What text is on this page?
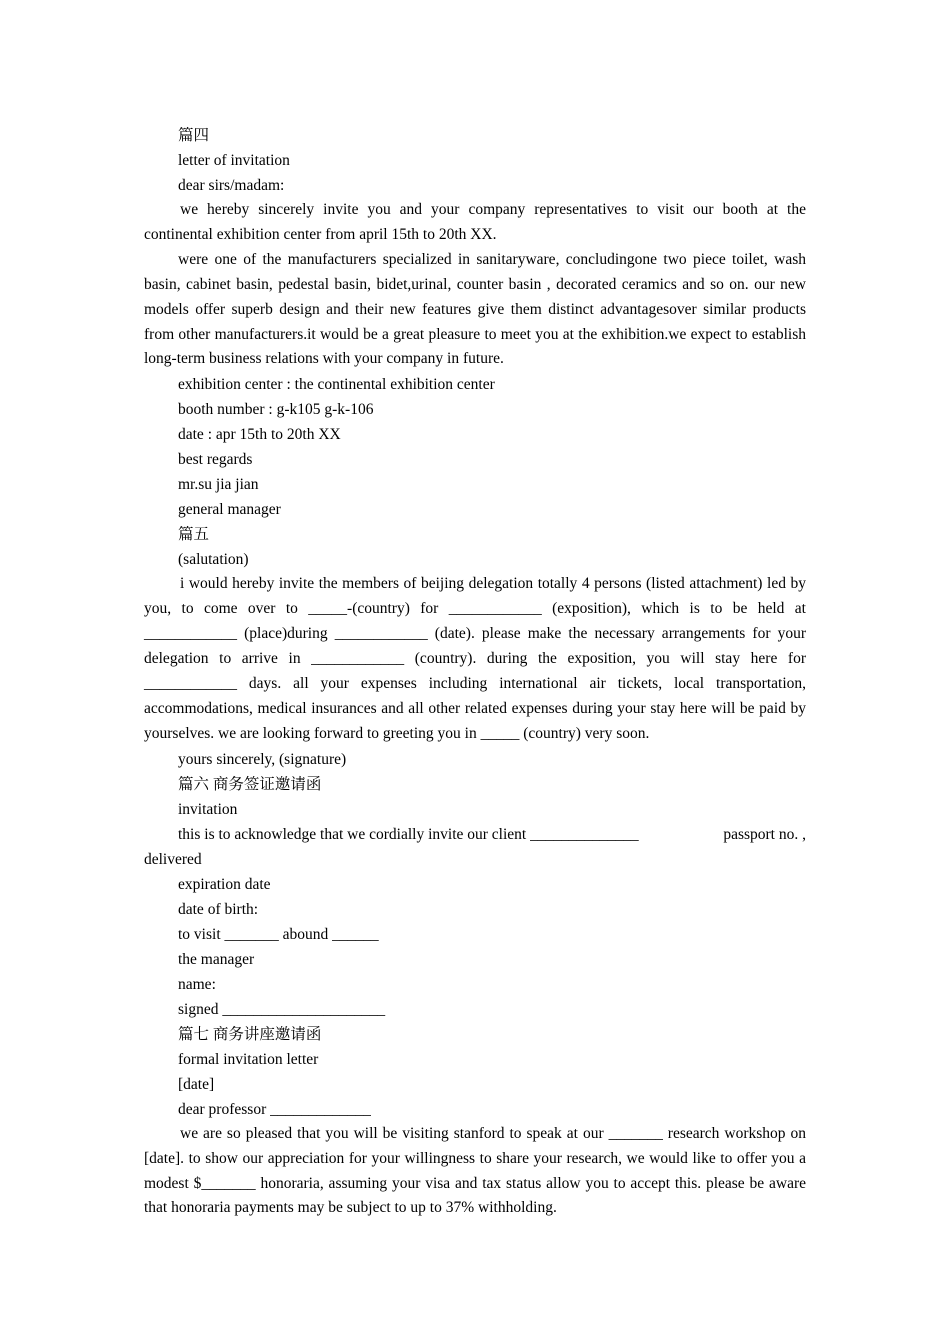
篇四
letter of invitation
dear sirs/madam:

we hereby sincerely invite you and your company representatives to visit our booth at the continental exhibition center from april 15th to 20th XX.

were one of the manufacturers specialized in sanitaryware, concludingone two piece toilet, wash basin, cabinet basin, pedestal basin, bidet,urinal, counter basin , decorated ceramics and so on. our new models offer superb design and their new features give them distinct advantagesover similar products from other manufacturers.it would be a great pleasure to meet you at the exhibition.we expect to establish long-term business relations with your company in future.

exhibition center : the continental exhibition center
booth number : g-k105 g-k-106
date : apr 15th to 20th XX
best regards
mr.su jia jian
general manager
篇五
(salutation)

i would hereby invite the members of beijing delegation totally 4 persons (listed attachment) led by you, to come over to _____-(country) for ____________ (exposition), which is to be held at ____________ (place)during ____________ (date). please make the necessary arrangements for your delegation to arrive in ____________ (country). during the exposition, you will stay here for ____________ days. all your expenses including international air tickets, local transportation, accommodations, medical insurances and all other related expenses during your stay here will be paid by yourselves. we are looking forward to greeting you in _____ (country) very soon.

yours sincerely, (signature)
篇六 商务签证邀请函
invitation
this is to acknowledge that we cordially invite our client ______________	passport no. ,
delivered
expiration date
date of birth:
to visit _______ abound ______
the manager
name:
signed _____________________
篇七 商务讲座邀请函
formal invitation letter
[date]
dear professor _____________

we are so pleased that you will be visiting stanford to speak at our _______ research workshop on [date]. to show our appreciation for your willingness to share your research, we would like to offer you a modest $_______ honoraria, assuming your visa and tax status allow you to accept this. please be aware that honoraria payments may be subject to up to 37% withholding.
